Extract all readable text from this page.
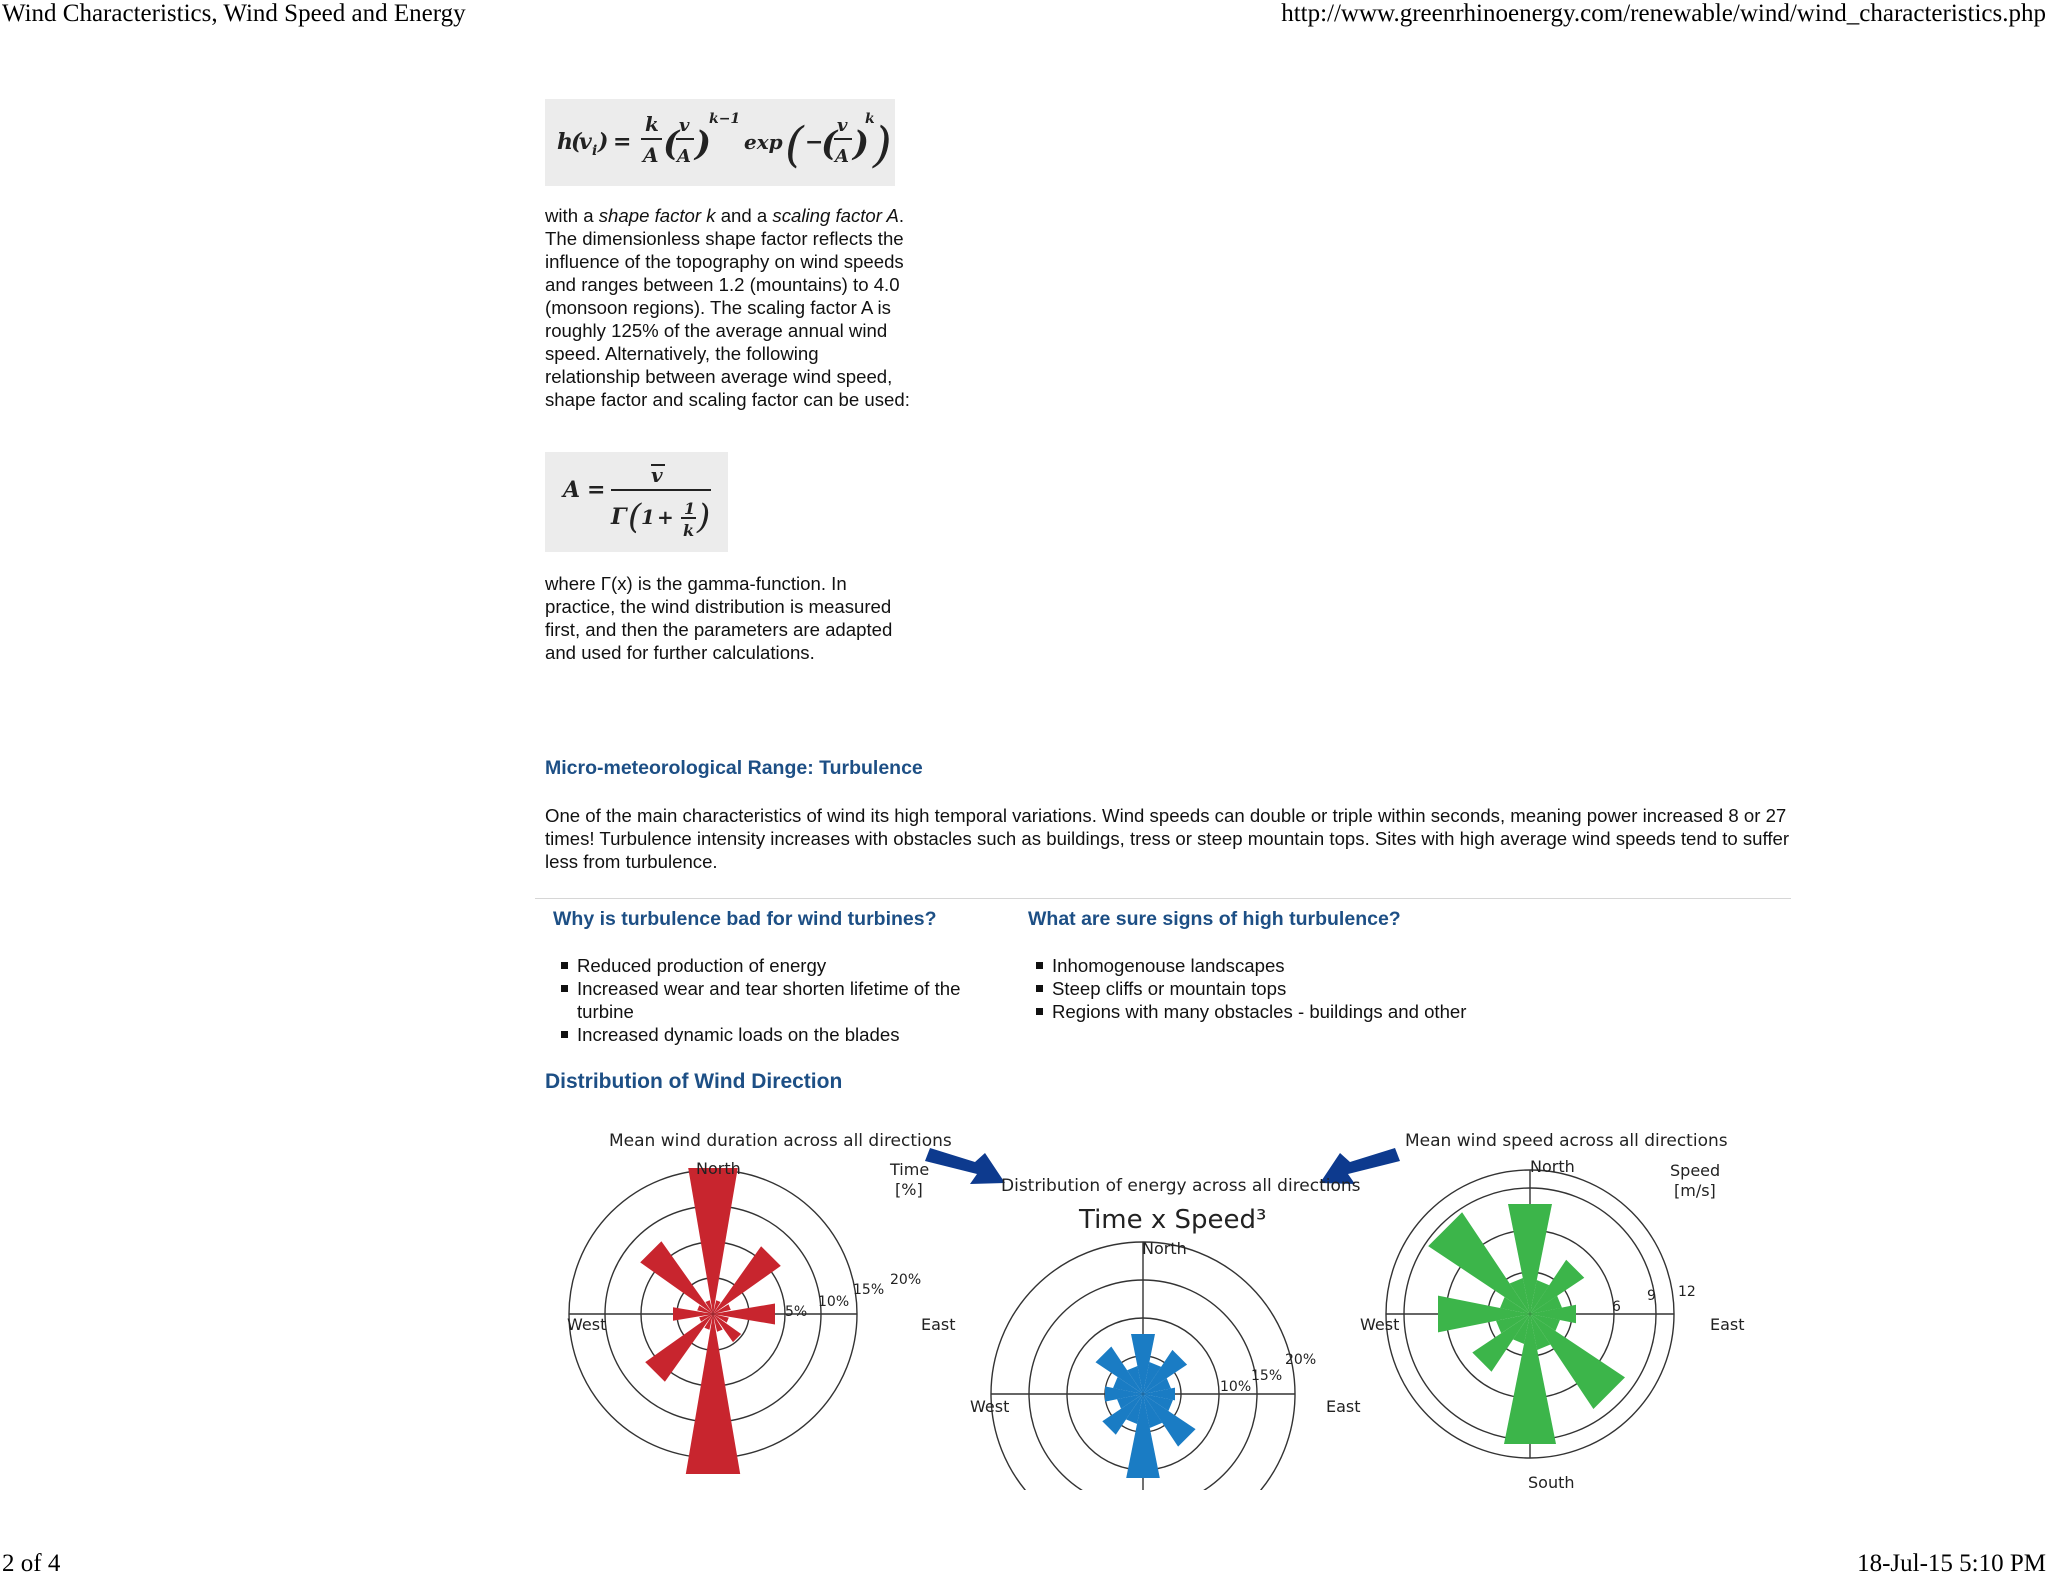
Wind Characteristics, Wind Speed and Energy	http://www.greenrhinoenergy.com/renewable/wind/wind_characteristics.php
h
(
v i ) =
k
A ( v
A )
k−1
exp ( −
( v
A )
k
)
with a shape factor k and a scaling factor A. The dimensionless shape factor reflects the influence of the topography on wind speeds and ranges between 1.2 (mountains) to 4.0 (monsoon regions). The scaling factor A is roughly 125% of the average annual wind speed. Alternatively, the following relationship between average wind speed, shape factor and scaling factor can be used:
A =
v
Γ ( 1 + 1
k )
where Γ(x) is the gamma-function. In practice, the wind distribution is measured first, and then the parameters are adapted and used for further calculations.
Micro-meteorological Range: Turbulence
One of the main characteristics of wind its high temporal variations. Wind speeds can double or triple within seconds, meaning power increased 8 or 27 times! Turbulence intensity increases with obstacles such as buildings, tress or steep mountain tops. Sites with high average wind speeds tend to suffer less from turbulence.
Why is turbulence bad for wind turbines?
Reduced production of energy
Increased wear and tear shorten lifetime of the turbine
Increased dynamic loads on the blades
What are sure signs of high turbulence?
Inhomogenouse landscapes
Steep cliffs or mountain tops
Regions with many obstacles - buildings and other
Distribution of Wind Direction
Mean wind duration across all directions
North
West	East
Time
[%]
5%
10%
15%
20%
Distribution of energy across all directions
Time x Speed³
North
West	East
10%
15%
20%
Mean wind speed across all directions
North
West	East
South
Speed
[m/s]
6
9 12
2 of 4	18-Jul-15 5:10 PM
